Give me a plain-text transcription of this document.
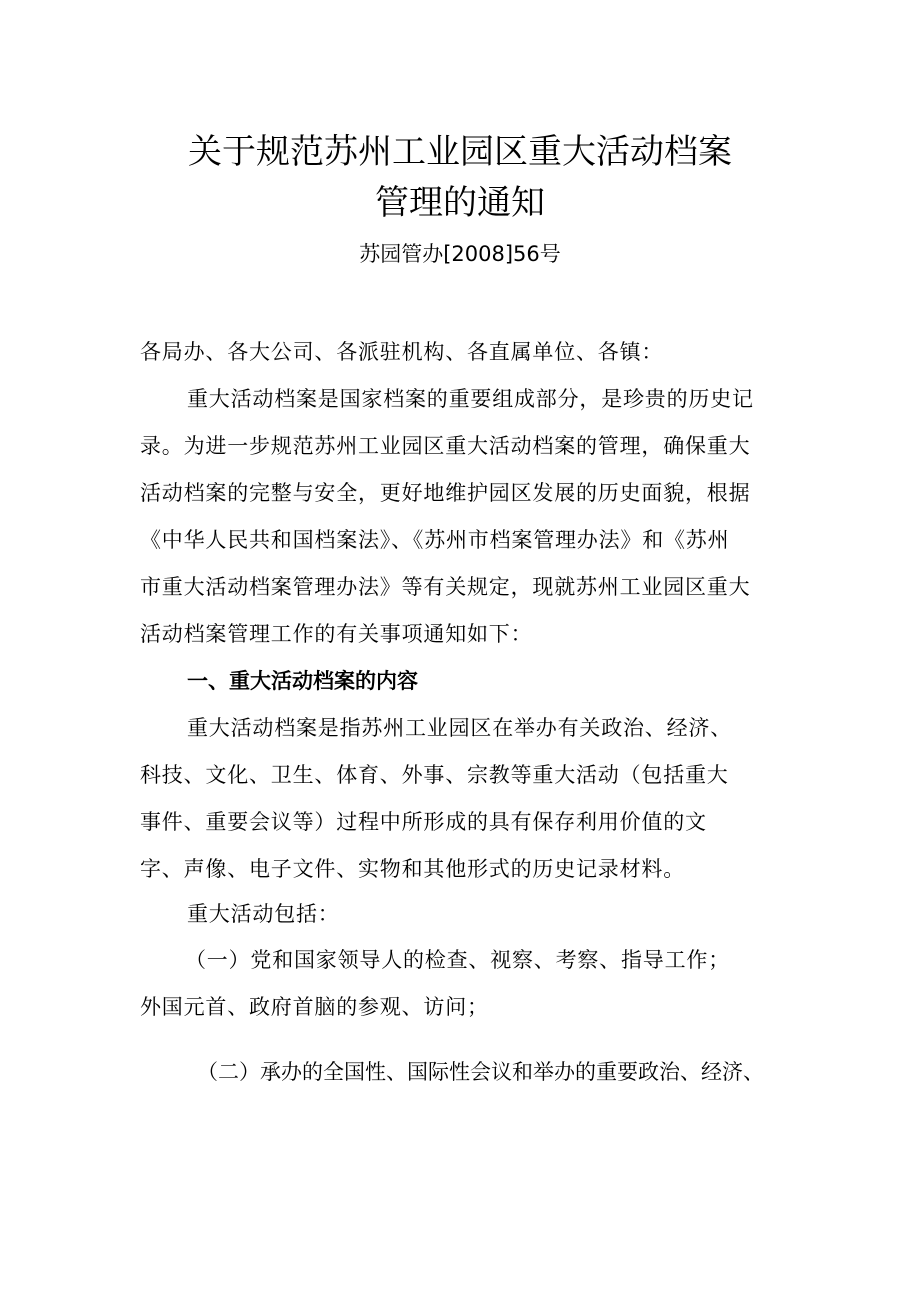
关于规范苏州工业园区重大活动档案
管理的通知
苏园管办[2008]56号
各局办、各大公司、各派驻机构、各直属单位、各镇：
重大活动档案是国家档案的重要组成部分，是珍贵的历史记
录。为进一步规范苏州工业园区重大活动档案的管理，确保重大
活动档案的完整与安全，更好地维护园区发展的历史面貌，根据
《中华人民共和国档案法》、《苏州市档案管理办法》和《苏州
市重大活动档案管理办法》等有关规定，现就苏州工业园区重大
活动档案管理工作的有关事项通知如下：
一、重大活动档案的内容
重大活动档案是指苏州工业园区在举办有关政治、经济、
科技、文化、卫生、体育、外事、宗教等重大活动（包括重大
事件、重要会议等）过程中所形成的具有保存利用价值的文
字、声像、电子文件、实物和其他形式的历史记录材料。
重大活动包括：
（一）党和国家领导人的检查、视察、考察、指导工作；
外国元首、政府首脑的参观、访问；
（二）承办的全国性、国际性会议和举办的重要政治、经济、
